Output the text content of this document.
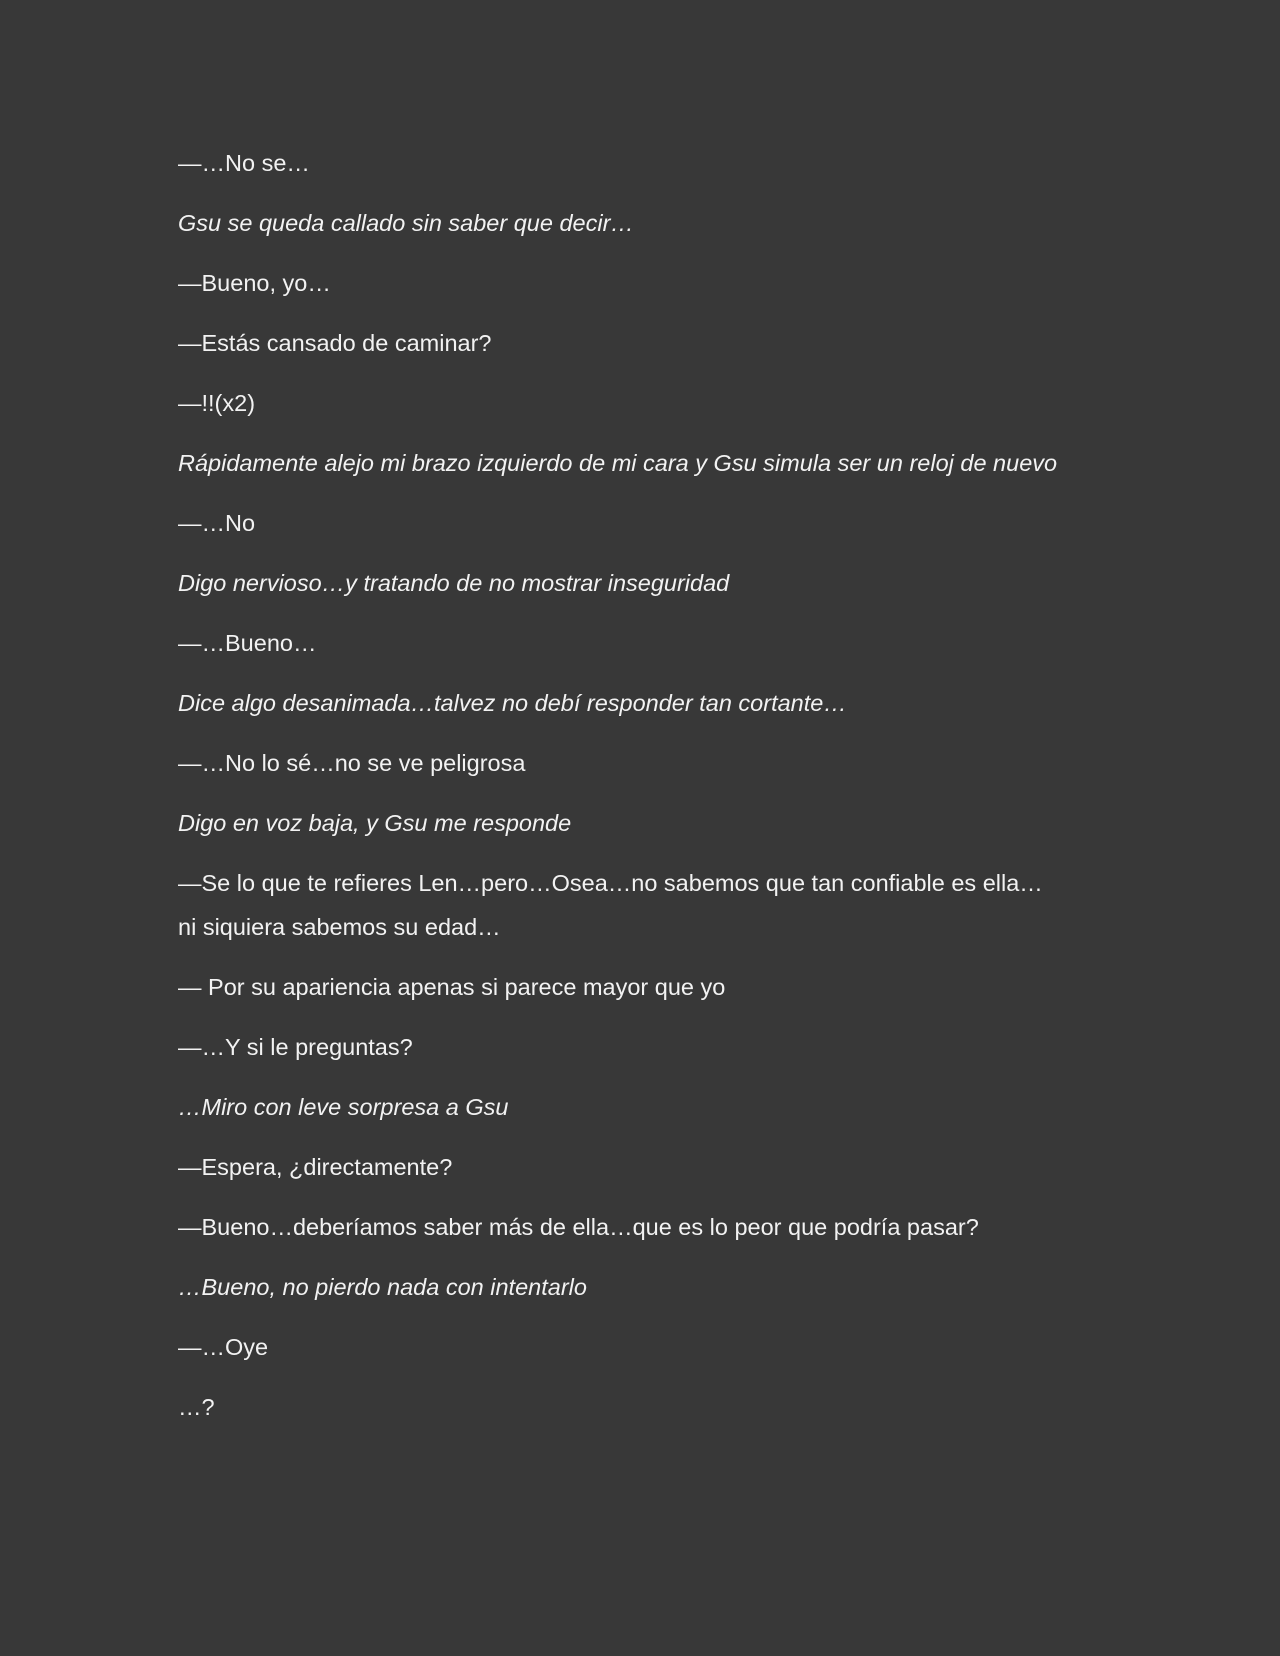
—…No se…

Gsu se queda callado sin saber que decir…

—Bueno, yo…

—Estás cansado de caminar?

—!!(x2)

Rápidamente alejo mi brazo izquierdo de mi cara y Gsu simula ser un reloj de nuevo

—…No

Digo nervioso…y tratando de no mostrar inseguridad

—…Bueno…

Dice algo desanimada…talvez no debí responder tan cortante…

—…No lo sé…no se ve peligrosa

Digo en voz baja, y Gsu me responde

—Se lo que te refieres Len…pero…Osea…no sabemos que tan confiable es ella…ni siquiera sabemos su edad…

— Por su apariencia apenas si parece mayor que yo

—…Y si le preguntas?

…Miro con leve sorpresa a Gsu

—Espera, ¿directamente?

—Bueno…deberíamos saber más de ella…que es lo peor que podría pasar?

…Bueno, no pierdo nada con intentarlo

—…Oye

…?
